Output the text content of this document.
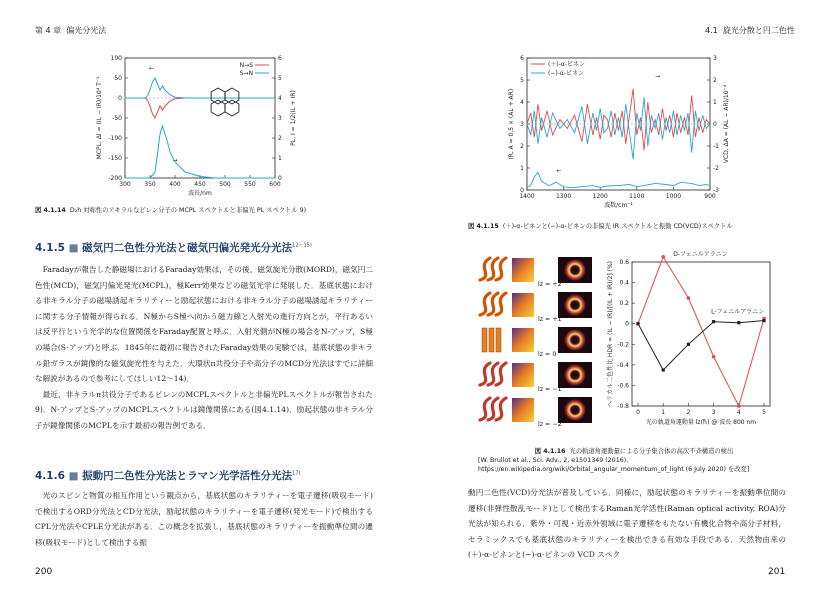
第 4 章 偏光分光法
300 350 400 450 500 550 600
100
50
0
-50
-100
-150
-200
6
5
4
3
2
1
0
波長/nm
MCPL, ΔI = (IL − IR)/10⁴ T⁻¹	PL, I = 1/2(IL + IR)
N→S
S→N
←
→
図 4.1.14 D₂h 対称性のアキラルなピレン分子の MCPL スペクトルと非偏光 PL スペクトル 9)
4.1.5 ■ 磁気円二色性分光法と磁気円偏光発光分光法$^{12〜15)}$

Faradayが報告した静磁場におけるFaraday効果は，その後，磁気旋光分散(MORD)，磁気円二色性(MCD)，磁気円偏光発光(MCPL)，極Kerr効果などの磁気光学に発展した．基底状態における非キラル分子の磁場誘起キラリティーと励起状態における非キラル分子の磁場誘起キラリティーに関する分子情報が得られる．N極からS極へ向かう磁力線と入射光の進行方向とが，平行あるいは反平行という光学的な位置関係をFaraday配置と呼ぶ．入射光側がN極の場合をN-アップ，S極の場合(S-アップ)と呼ぶ．1845年に最初に報告されたFaraday効果の実験では，基底状態の非キラル鉛ガラスが鏡像的な磁気旋光性を与えた．大環状π共役分子や高分子のMCD分光法はすでに詳細な解説があるので参考にしてほしい12〜14)．

最近，非キラルπ共役分子であるピレンのMCPLスペクトルと非偏光PLスペクトルが報告された9)．N-アップとS-アップのMCPLスペクトルは鏡像関係にある(図4.1.14)．励起状態の非キラル分子が鏡像関係のMCPLを示す最初の報告例である．

4.1.6 ■ 振動円二色性分光法とラマン光学活性分光法$^{17)}$

光のスピンと物質の相互作用という観点から，基底状態のキラリティーを電子遷移(吸収モード)で検出するORD分光法とCD分光法，励起状態のキラリティーを電子遷移(発光モード)で検出するCPL分光法やCPLE分光法がある．この概念を拡張し，基底状態のキラリティーを振動準位間の遷移(吸収モード)として検出する振

200
4.1 旋光分散と円二色性
1400	1300	1200	1100	1000	900
6
5
4
3
2
1
0
3
2
1
0
-1
-2
-3
波数/cm⁻¹
IR, A = 0.5 × (AL + AR)	VCD, ΔA = (AL − AR)/10⁻⁴
(＋)-α-ピネン
(−)-α-ピネン	→
←
図 4.1.15 (＋)-α-ピネンと(−)-α-ピネンの非偏光 IR スペクトルと振動 CD(VCD)スペクトル
lz = +2
lz = +1
lz = 0
lz = −1
lz = −2
0	1	2	3	4	5
0.6
0.4
0.2
0
-0.2
-0.4
-0.6
-0.8
光の軌道角運動量 lz(ħ) @ 波長 800 nm
ヘリカル二色性比 HDR = (IL − IR)/[(IL + IR)/2] (%)
D-フェニルアラニン
L-フェニルアラニン
図 4.1.16 光の軌道角運動量による分子集合体の高次不斉構造の検出
[W. Brullot et al., Sci. Adv., 2, e1501349 (2016), https://en.wikipedia.org/wiki/Orbital_angular_momentum_of_light (6 July 2020) を改変]

動円二色性(VCD)分光法が普及している．同様に，励起状態のキラリティーを振動準位間の遷移(非弾性散乱モード)として検出するRaman光学活性(Raman optical activity, ROA)分光法が知られる．紫外・可視・近赤外領域に電子遷移をもたない有機化合物や高分子材料，セラミックスでも基底状態のキラリティーを検出できる有効な手段である．天然物由来の(＋)-α-ピネンと(−)-α-ピネンの VCD スペク

201
